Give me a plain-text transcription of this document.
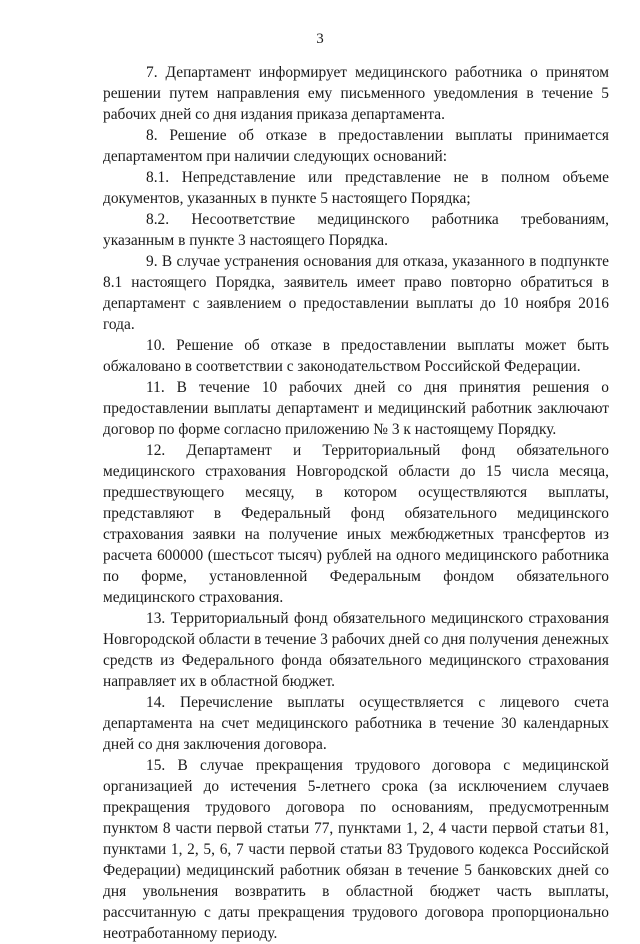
3

7. Департамент информирует медицинского работника о принятом решении путем направления ему письменного уведомления в течение 5 рабочих дней со дня издания приказа департамента.

8. Решение об отказе в предоставлении выплаты принимается департаментом при наличии следующих оснований:

8.1. Непредставление или представление не в полном объеме документов, указанных в пункте 5 настоящего Порядка;

8.2. Несоответствие медицинского работника требованиям, указанным в пункте 3 настоящего Порядка.

9. В случае устранения основания для отказа, указанного в подпункте 8.1 настоящего Порядка, заявитель имеет право повторно обратиться в департамент с заявлением о предоставлении выплаты до 10 ноября 2016 года.

10. Решение об отказе в предоставлении выплаты может быть обжаловано в соответствии с законодательством Российской Федерации.

11. В течение 10 рабочих дней со дня принятия решения о предоставлении выплаты департамент и медицинский работник заключают договор по форме согласно приложению № 3 к настоящему Порядку.

12. Департамент и Территориальный фонд обязательного медицинского страхования Новгородской области до 15 числа месяца, предшествующего месяцу, в котором осуществляются выплаты, представляют в Федеральный фонд обязательного медицинского страхования заявки на получение иных межбюджетных трансфертов из расчета 600000 (шестьсот тысяч) рублей на одного медицинского работника по форме, установленной Федеральным фондом обязательного медицинского страхования.

13. Территориальный фонд обязательного медицинского страхования Новгородской области в течение 3 рабочих дней со дня получения денежных средств из Федерального фонда обязательного медицинского страхования направляет их в областной бюджет.

14. Перечисление выплаты осуществляется с лицевого счета департамента на счет медицинского работника в течение 30 календарных дней со дня заключения договора.

15. В случае прекращения трудового договора с медицинской организацией до истечения 5-летнего срока (за исключением случаев прекращения трудового договора по основаниям, предусмотренным пунктом 8 части первой статьи 77, пунктами 1, 2, 4 части первой статьи 81, пунктами 1, 2, 5, 6, 7 части первой статьи 83 Трудового кодекса Российской Федерации) медицинский работник обязан в течение 5 банковских дней со дня увольнения возвратить в областной бюджет часть выплаты, рассчитанную с даты прекращения трудового договора пропорционально неотработанному периоду.
